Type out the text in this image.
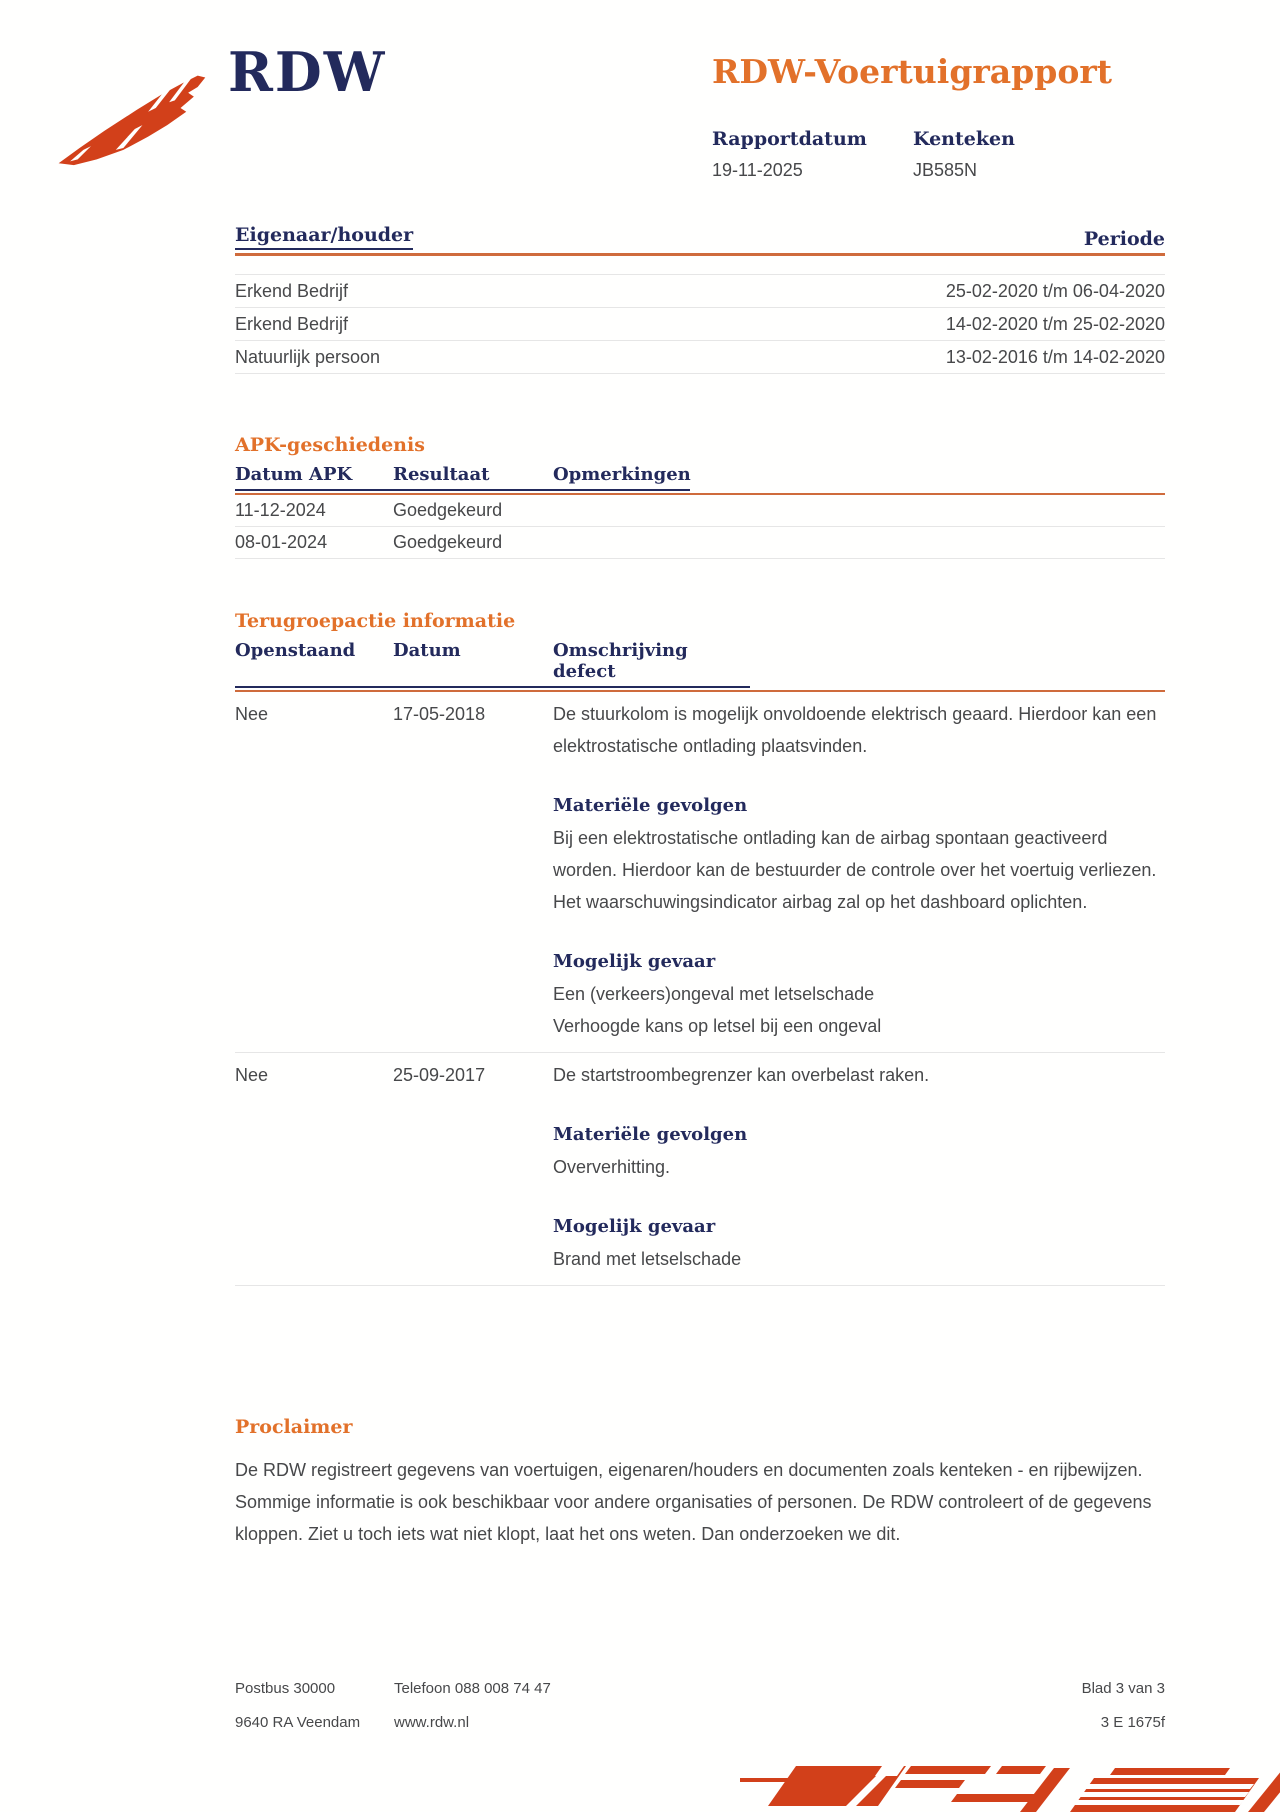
RDW	RDW-Voertuigrapport
Rapportdatum
19-11-2025
Kenteken
JB585N
Eigenaar/houder	Periode
Erkend Bedrijf	25-02-2020 t/m 06-04-2020
Erkend Bedrijf	14-02-2020 t/m 25-02-2020
Natuurlijk persoon	13-02-2016 t/m 14-02-2020
APK-geschiedenis
Datum APK	Resultaat	Opmerkingen
11-12-2024	Goedgekeurd
08-01-2024	Goedgekeurd
Terugroepactie informatie
Openstaand	Datum	Omschrijving defect
Nee	17-05-2018	De stuurkolom is mogelijk onvoldoende elektrisch geaard. Hierdoor kan een elektrostatische ontlading plaatsvinden.
Materiële gevolgen
Bij een elektrostatische ontlading kan de airbag spontaan geactiveerd worden. Hierdoor kan de bestuurder de controle over het voertuig verliezen. Het waarschuwingsindicator airbag zal op het dashboard oplichten.
Mogelijk gevaar
Een (verkeers)ongeval met letselschade
Verhoogde kans op letsel bij een ongeval
Nee	25-09-2017	De startstroombegrenzer kan overbelast raken.
Materiële gevolgen
Oververhitting.
Mogelijk gevaar
Brand met letselschade
Proclaimer

De RDW registreert gegevens van voertuigen, eigenaren/houders en documenten zoals kenteken - en rijbewijzen. Sommige informatie is ook beschikbaar voor andere organisaties of personen. De RDW controleert of de gegevens kloppen. Ziet u toch iets wat niet klopt, laat het ons weten. Dan onderzoeken we dit.

Postbus 30000	Telefoon 088 008 74 47	Blad 3 van 3
9640 RA Veendam	www.rdw.nl	3 E 1675f
